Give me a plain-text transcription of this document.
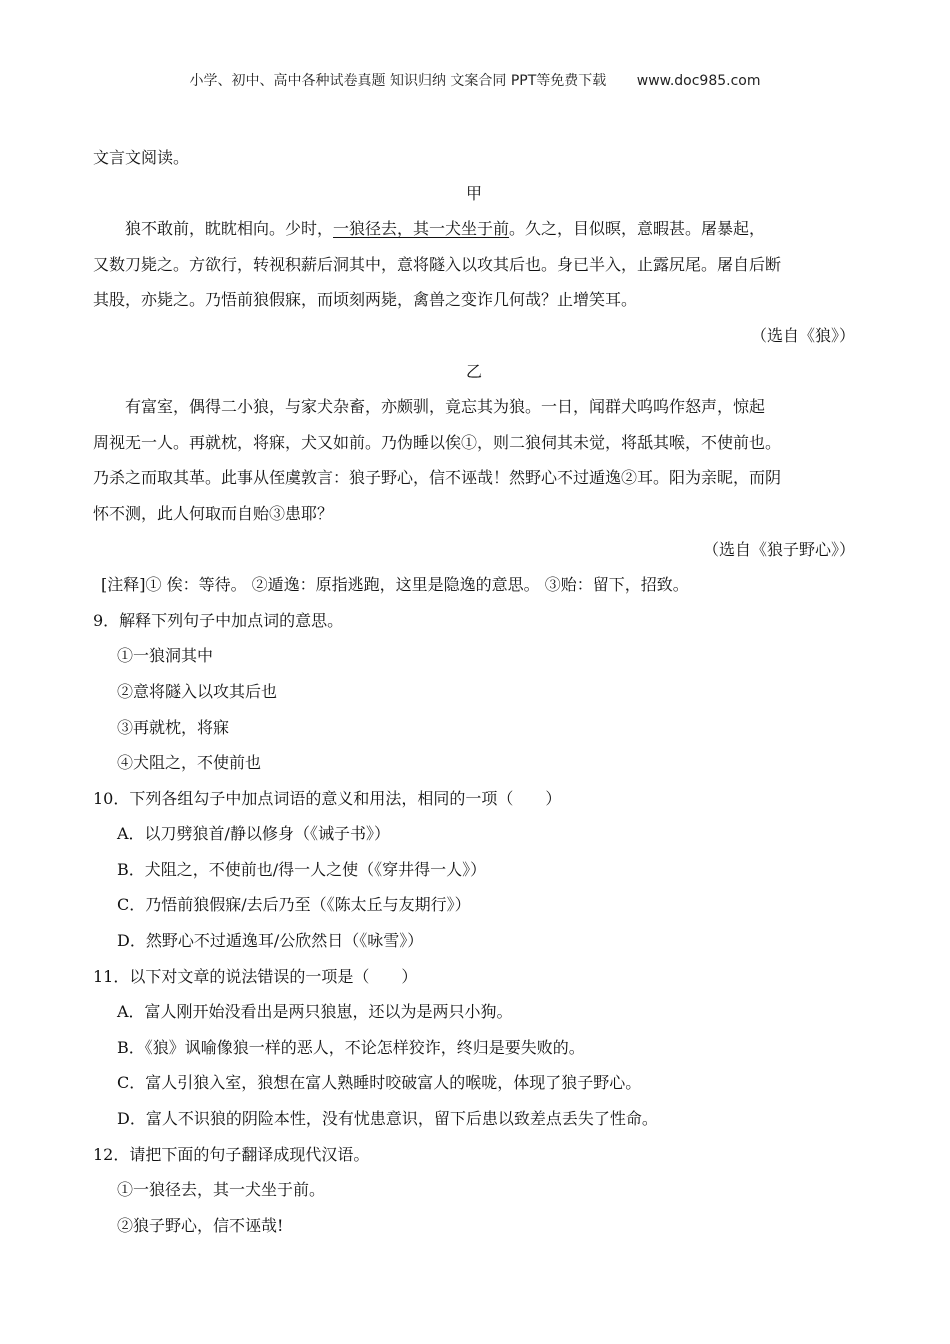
小学、初中、高中各种试卷真题 知识归纳 文案合同 PPT等免费下载 www.doc985.com
文言文阅读。
甲
狼不敢前，眈眈相向。少时，一狼径去，其一犬坐于前。久之，目似暝，意暇甚。屠暴起，
又数刀毙之。方欲行，转视积薪后洞其中，意将隧入以攻其后也。身已半入，止露尻尾。屠自后断
其股，亦毙之。乃悟前狼假寐，而顷刻两毙，禽兽之变诈几何哉？止增笑耳。
（选自《狼》）
乙
有富室，偶得二小狼，与家犬杂畜，亦颇驯，竟忘其为狼。一日，闻群犬呜呜作怒声，惊起
周视无一人。再就枕，将寐，犬又如前。乃伪睡以俟①，则二狼伺其未觉，将舐其喉，不使前也。
乃杀之而取其革。此事从侄虞敦言：狼子野心，信不诬哉！然野心不过遁逸②耳。阳为亲昵，而阴
怀不测，此人何取而自贻③患耶？
（选自《狼子野心》）
[注释]① 俟：等待。 ②遁逸：原指逃跑，这里是隐逸的意思。 ③贻：留下，招致。
9．解释下列句子中加点词的意思。
①一狼洞其中
②意将隧入以攻其后也
③再就枕，将寐
④犬阻之，不使前也
10．下列各组勾子中加点词语的意义和用法，相同的一项（　　）
A．以刀劈狼首/静以修身（《诫子书》）
B．犬阻之，不使前也/得一人之使（《穿井得一人》）
C．乃悟前狼假寐/去后乃至（《陈太丘与友期行》）
D．然野心不过遁逸耳/公欣然日（《咏雪》）
11．以下对文章的说法错误的一项是（　　）
A．富人刚开始没看出是两只狼崽，还以为是两只小狗。
B．《狼》讽喻像狼一样的恶人，不论怎样狡诈，终归是要失败的。
C．富人引狼入室，狼想在富人熟睡时咬破富人的喉咙，体现了狼子野心。
D．富人不识狼的阴险本性，没有忧患意识，留下后患以致差点丢失了性命。
12．请把下面的句子翻译成现代汉语。
①一狼径去，其一犬坐于前。
②狼子野心，信不诬哉!
